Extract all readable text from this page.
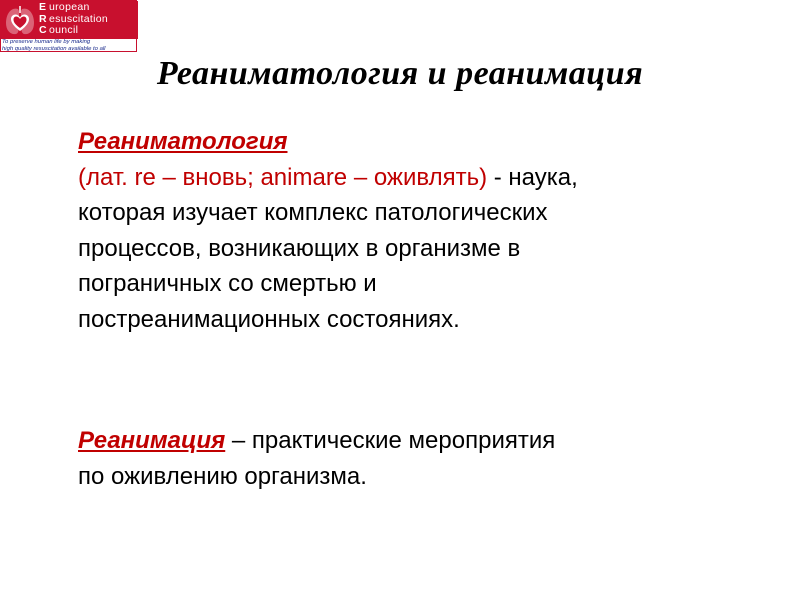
E uropean
R esuscitation
C ouncil
To preserve human life by making
high quality resuscitation available to all
Реаниматология и реанимация
Реаниматология
(лат. re – вновь; animare – оживлять) - наука,
которая изучает комплекс патологических
процессов, возникающих в организме в
пограничных со смертью и
постреанимационных состояниях.
Реанимация – практические мероприятия
по оживлению организма.
